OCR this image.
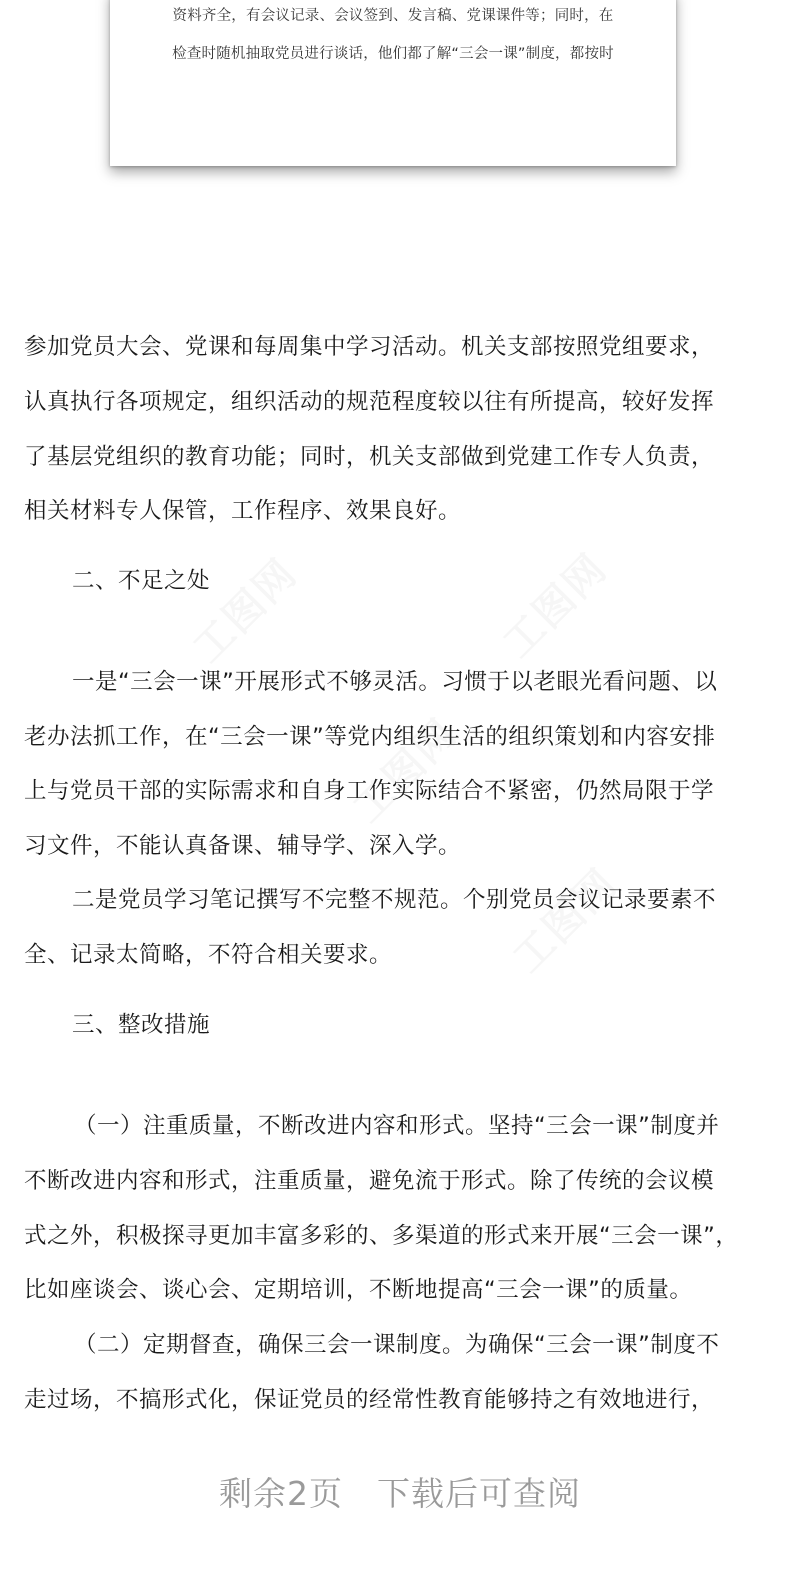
资料齐全，有会议记录、会议签到、发言稿、党课课件等；同时，在
检查时随机抽取党员进行谈话，他们都了解“三会一课”制度，都按时
参加党员大会、党课和每周集中学习活动。机关支部按照党组要求，
认真执行各项规定，组织活动的规范程度较以往有所提高，较好发挥
了基层党组织的教育功能；同时，机关支部做到党建工作专人负责，
相关材料专人保管，工作程序、效果良好。
二、不足之处
一是“三会一课”开展形式不够灵活。习惯于以老眼光看问题、以
老办法抓工作，在“三会一课”等党内组织生活的组织策划和内容安排
上与党员干部的实际需求和自身工作实际结合不紧密，仍然局限于学
习文件，不能认真备课、辅导学、深入学。
二是党员学习笔记撰写不完整不规范。个别党员会议记录要素不
全、记录太简略，不符合相关要求。
三、整改措施
（一）注重质量，不断改进内容和形式。坚持“三会一课”制度并
不断改进内容和形式，注重质量，避免流于形式。除了传统的会议模
式之外，积极探寻更加丰富多彩的、多渠道的形式来开展“三会一课”，
比如座谈会、谈心会、定期培训，不断地提高“三会一课”的质量。
（二）定期督查，确保三会一课制度。为确保“三会一课”制度不
走过场，不搞形式化，保证党员的经常性教育能够持之有效地进行，
剩余2页 下载后可查阅
